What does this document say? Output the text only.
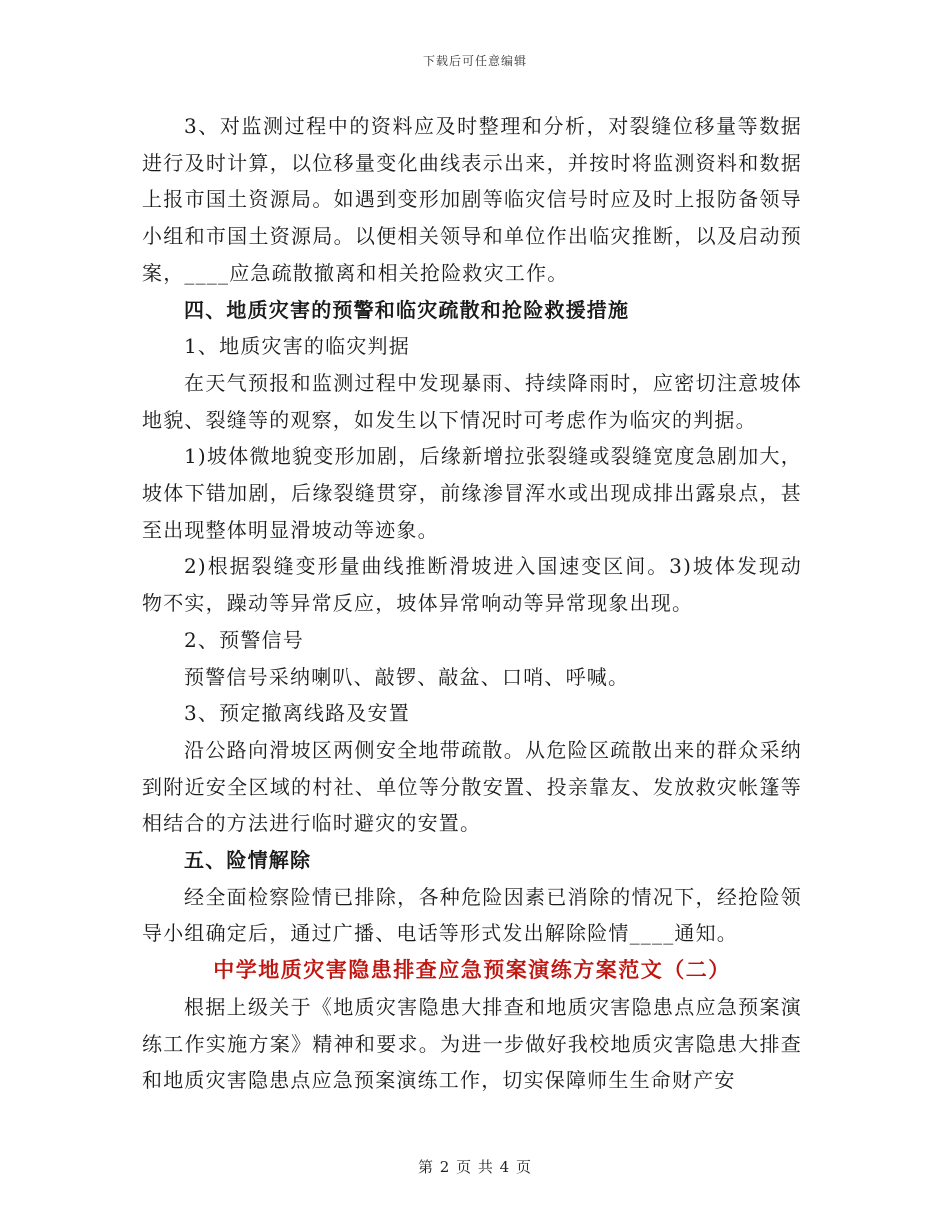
下载后可任意编辑

3、对监测过程中的资料应及时整理和分析，对裂缝位移量等数据进行及时计算，以位移量变化曲线表示出来，并按时将监测资料和数据上报市国土资源局。如遇到变形加剧等临灾信号时应及时上报防备领导小组和市国土资源局。以便相关领导和单位作出临灾推断，以及启动预案，____应急疏散撤离和相关抢险救灾工作。

四、地质灾害的预警和临灾疏散和抢险救援措施

1、地质灾害的临灾判据

在天气预报和监测过程中发现暴雨、持续降雨时，应密切注意坡体地貌、裂缝等的观察，如发生以下情况时可考虑作为临灾的判据。

1)坡体微地貌变形加剧，后缘新增拉张裂缝或裂缝宽度急剧加大，坡体下错加剧，后缘裂缝贯穿，前缘渗冒浑水或出现成排出露泉点，甚至出现整体明显滑坡动等迹象。

2)根据裂缝变形量曲线推断滑坡进入国速变区间。3)坡体发现动物不实，躁动等异常反应，坡体异常响动等异常现象出现。

2、预警信号

预警信号采纳喇叭、敲锣、敲盆、口哨、呼喊。

3、预定撤离线路及安置

沿公路向滑坡区两侧安全地带疏散。从危险区疏散出来的群众采纳到附近安全区域的村社、单位等分散安置、投亲靠友、发放救灾帐篷等相结合的方法进行临时避灾的安置。

五、险情解除

经全面检察险情已排除，各种危险因素已消除的情况下，经抢险领导小组确定后，通过广播、电话等形式发出解除险情____通知。

中学地质灾害隐患排查应急预案演练方案范文（二）

根据上级关于《地质灾害隐患大排查和地质灾害隐患点应急预案演练工作实施方案》精神和要求。为进一步做好我校地质灾害隐患大排查和地质灾害隐患点应急预案演练工作，切实保障师生生命财产安

第 2 页 共 4 页
